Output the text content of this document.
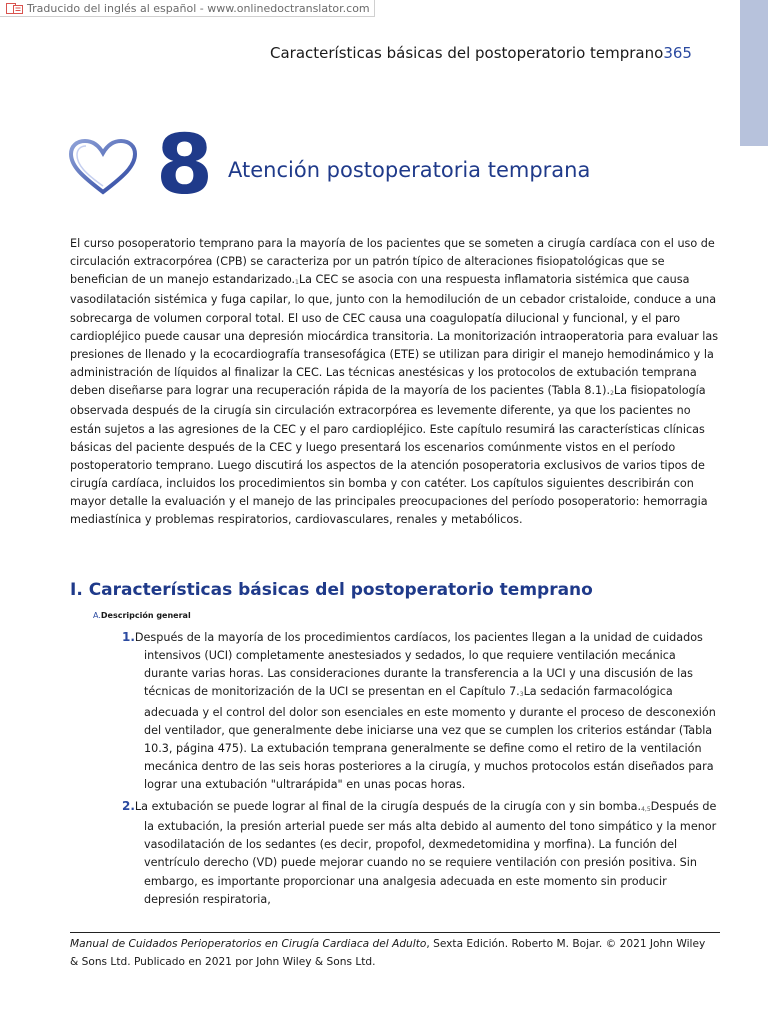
Traducido del inglés al español - www.onlinedoctranslator.com
Características básicas del postoperatorio temprano365
8 Atención postoperatoria temprana

El curso posoperatorio temprano para la mayoría de los pacientes que se someten a cirugía cardíaca con el uso de circulación extracorpórea (CPB) se caracteriza por un patrón típico de alteraciones fisiopatológicas que se benefician de un manejo estandarizado.$^1$La CEC se asocia con una respuesta inflamatoria sistémica que causa vasodilatación sistémica y fuga capilar, lo que, junto con la hemodilución de un cebador cristaloide, conduce a una sobrecarga de volumen corporal total. El uso de CEC causa una coagulopatía dilucional y funcional, y el paro cardiopléjico puede causar una depresión miocárdica transitoria. La monitorización intraoperatoria para evaluar las presiones de llenado y la ecocardiografía transesofágica (ETE) se utilizan para dirigir el manejo hemodinámico y la administración de líquidos al finalizar la CEC. Las técnicas anestésicas y los protocolos de extubación temprana deben diseñarse para lograr una recuperación rápida de la mayoría de los pacientes (Tabla 8.1).$^2$La fisiopatología observada después de la cirugía sin circulación extracorpórea es levemente diferente, ya que los pacientes no están sujetos a las agresiones de la CEC y el paro cardiopléjico. Este capítulo resumirá las características clínicas básicas del paciente después de la CEC y luego presentará los escenarios comúnmente vistos en el período postoperatorio temprano. Luego discutirá los aspectos de la atención posoperatoria exclusivos de varios tipos de cirugía cardíaca, incluidos los procedimientos sin bomba y con catéter. Los capítulos siguientes describirán con mayor detalle la evaluación y el manejo de las principales preocupaciones del período posoperatorio: hemorragia mediastínica y problemas respiratorios, cardiovasculares, renales y metabólicos.

I. Características básicas del postoperatorio temprano
A.Descripción general

1.Después de la mayoría de los procedimientos cardíacos, los pacientes llegan a la unidad de cuidados intensivos (UCI) completamente anestesiados y sedados, lo que requiere ventilación mecánica durante varias horas. Las consideraciones durante la transferencia a la UCI y una discusión de las técnicas de monitorización de la UCI se presentan en el Capítulo 7.$^3$La sedación farmacológica adecuada y el control del dolor son esenciales en este momento y durante el proceso de desconexión del ventilador, que generalmente debe iniciarse una vez que se cumplen los criterios estándar (Tabla 10.3, página 475). La extubación temprana generalmente se define como el retiro de la ventilación mecánica dentro de las seis horas posteriores a la cirugía, y muchos protocolos están diseñados para lograr una extubación "ultrarápida" en unas pocas horas.

2.La extubación se puede lograr al final de la cirugía después de la cirugía con y sin bomba.$^{4,5}$Después de la extubación, la presión arterial puede ser más alta debido al aumento del tono simpático y la menor vasodilatación de los sedantes (es decir, propofol, dexmedetomidina y morfina). La función del ventrículo derecho (VD) puede mejorar cuando no se requiere ventilación con presión positiva. Sin embargo, es importante proporcionar una analgesia adecuada en este momento sin producir depresión respiratoria,

Manual de Cuidados Perioperatorios en Cirugía Cardiaca del Adulto, Sexta Edición. Roberto M. Bojar. © 2021 John Wiley & Sons Ltd. Publicado en 2021 por John Wiley & Sons Ltd.
